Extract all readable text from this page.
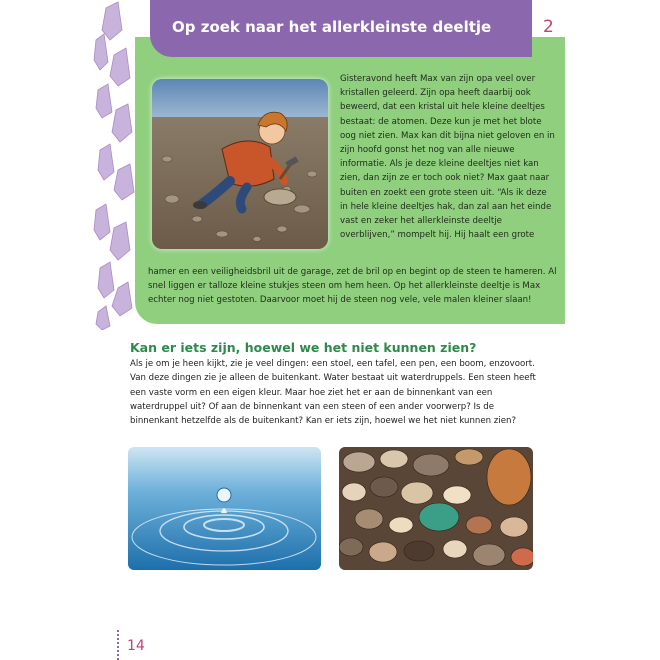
Op zoek naar het allerkleinste deeltje	2
Gisteravond heeft Max van zijn opa veel over kristallen geleerd. Zijn opa heeft daarbij ook beweerd, dat een kristal uit hele kleine deeltjes bestaat: de atomen. Deze kun je met het blote oog niet zien. Max kan dit bijna niet geloven en in zijn hoofd gonst het nog van alle nieuwe informatie. Als je deze kleine deeltjes niet kan zien, dan zijn ze er toch ook niet? Max gaat naar buiten en zoekt een grote steen uit. “Als ik deze in hele kleine deeltjes hak, dan zal aan het einde vast en zeker het allerkleinste deeltje overblijven,” mompelt hij. Hij haalt een grote
hamer en een veiligheidsbril uit de garage, zet de bril op en begint op de steen te hameren. Al snel liggen er talloze kleine stukjes steen om hem heen. Op het allerkleinste deeltje is Max echter nog niet gestoten. Daarvoor moet hij de steen nog vele, vele malen kleiner slaan!
Kan er iets zijn, hoewel we het niet kunnen zien?
Als je om je heen kijkt, zie je veel dingen: een stoel, een tafel, een pen, een boom, enzovoort. Van deze dingen zie je alleen de buitenkant. Water bestaat uit waterdruppels. Een steen heeft een vaste vorm en een eigen kleur. Maar hoe ziet het er aan de binnenkant van een waterdruppel uit? Of aan de binnenkant van een steen of een ander voorwerp? Is de binnenkant hetzelfde als de buitenkant? Kan er iets zijn, hoewel we het niet kunnen zien?
14
